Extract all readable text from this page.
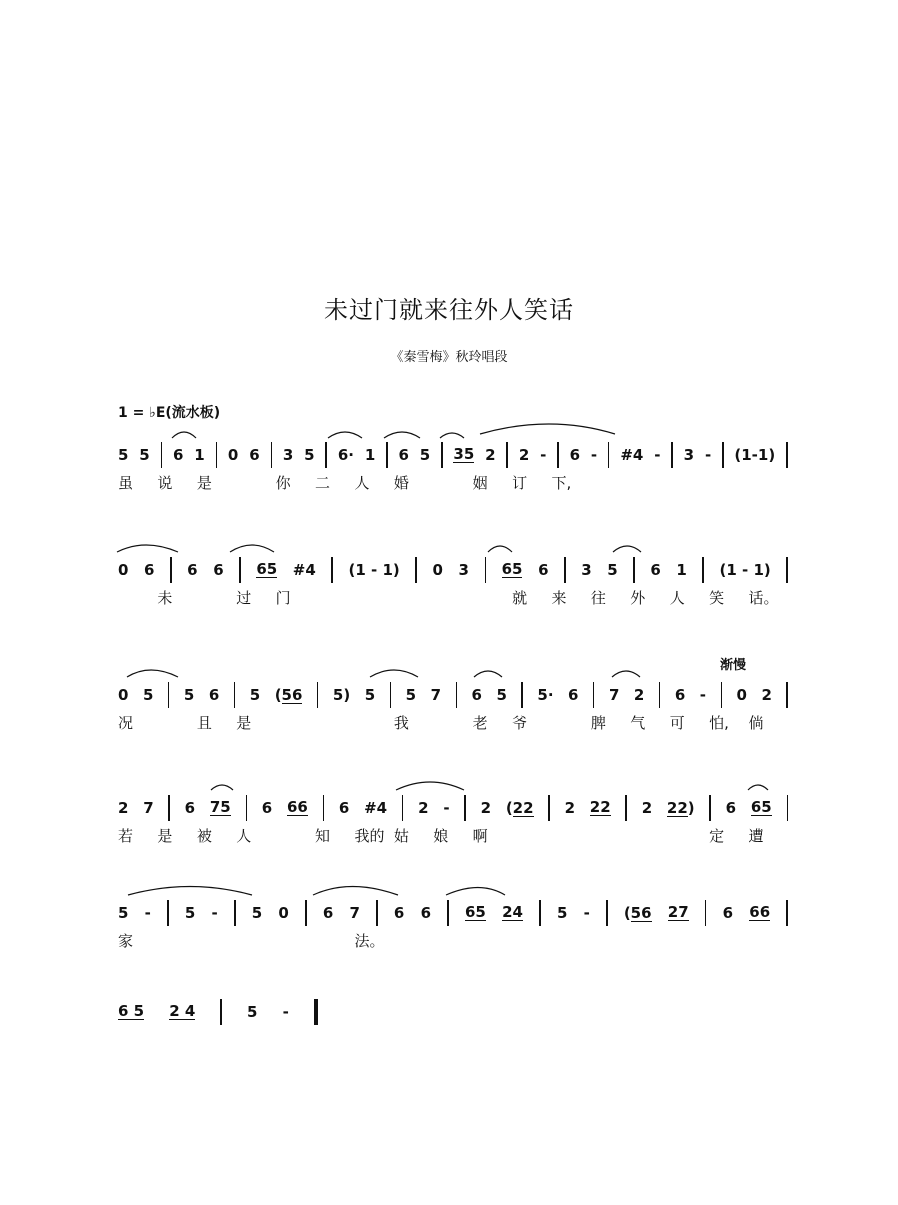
未过门就来往外人笑话
《秦雪梅》秋玲唱段
1 = ♭E(流水板)
渐慢
5 5 6 1 0 6 3 5 6· 1 6 5 35 2 2 - 6 - #4 - 3 - (1-1)
虽	说	是	你	二	人	婚	姻	订	下,
0 6 6 6 65 #4 (1 - 1) 0 3 65 6 3 5 6 1 (1 - 1)
未	过	门	就	来	往	外	人	笑	话。
0 5 5 6 5 (56 5) 5 5 7 6 5 5· 6 7 2 6 - 0 2
况	且	是	我	老	爷	脾	气	可	怕,	倘
2 7 6 75 6 66 6 #4 2 - 2 (22 2 22 2 22) 6 65
若	是	被	人	知	我的 姑	娘	啊	定	遭
5 - 5 - 5 0 6 7 6 6 65 24 5 - (56 27 6 66
家	法。
6 5 2 4	5 -
